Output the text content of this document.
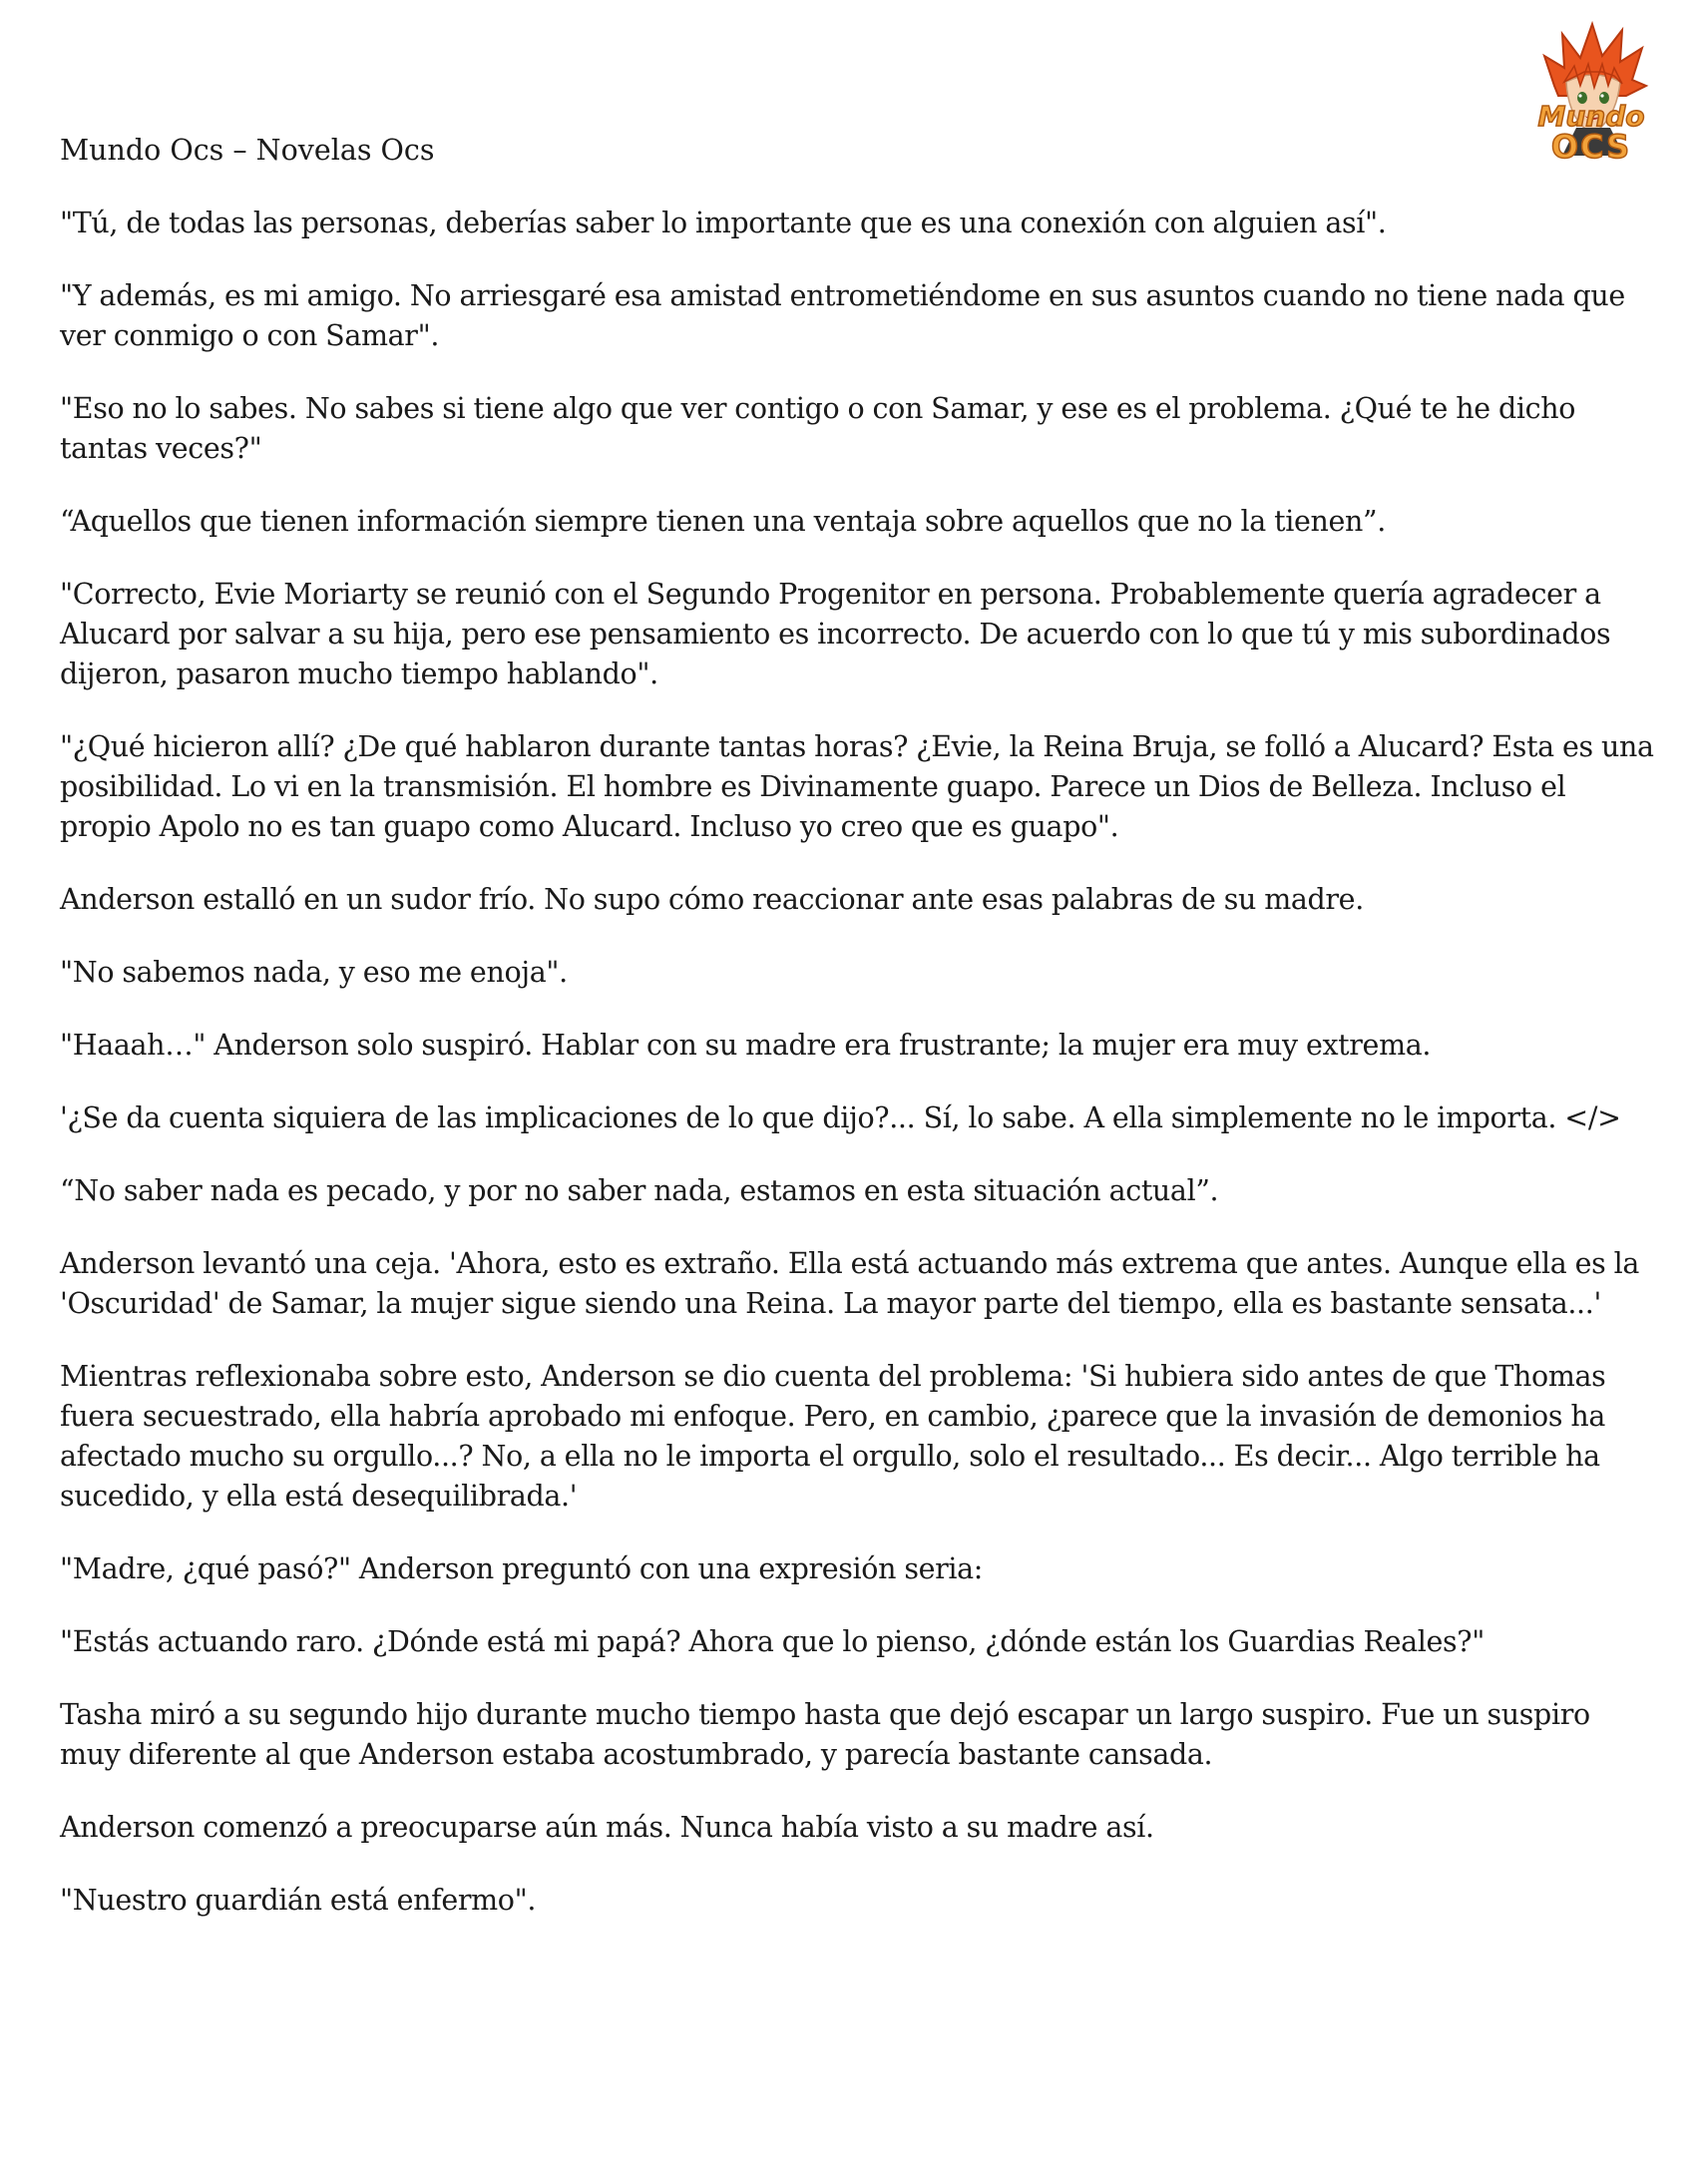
Mundo
OCS

Mundo Ocs – Novelas Ocs

"Tú, de todas las personas, deberías saber lo importante que es una conexión con alguien así".

"Y además, es mi amigo. No arriesgaré esa amistad entrometiéndome en sus asuntos cuando no tiene nada que ver conmigo o con Samar".

"Eso no lo sabes. No sabes si tiene algo que ver contigo o con Samar, y ese es el problema. ¿Qué te he dicho tantas veces?"

“Aquellos que tienen información siempre tienen una ventaja sobre aquellos que no la tienen”.

"Correcto, Evie Moriarty se reunió con el Segundo Progenitor en persona. Probablemente quería agradecer a Alucard por salvar a su hija, pero ese pensamiento es incorrecto. De acuerdo con lo que tú y mis subordinados dijeron, pasaron mucho tiempo hablando".

"¿Qué hicieron allí? ¿De qué hablaron durante tantas horas? ¿Evie, la Reina Bruja, se folló a Alucard? Esta es una posibilidad. Lo vi en la transmisión. El hombre es Divinamente guapo. Parece un Dios de Belleza. Incluso el propio Apolo no es tan guapo como Alucard. Incluso yo creo que es guapo".

Anderson estalló en un sudor frío. No supo cómo reaccionar ante esas palabras de su madre.

"No sabemos nada, y eso me enoja".

"Haaah…" Anderson solo suspiró. Hablar con su madre era frustrante; la mujer era muy extrema.

'¿Se da cuenta siquiera de las implicaciones de lo que dijo?... Sí, lo sabe. A ella simplemente no le importa. </>

“No saber nada es pecado, y por no saber nada, estamos en esta situación actual”.

Anderson levantó una ceja. 'Ahora, esto es extraño. Ella está actuando más extrema que antes. Aunque ella es la 'Oscuridad' de Samar, la mujer sigue siendo una Reina. La mayor parte del tiempo, ella es bastante sensata...'

Mientras reflexionaba sobre esto, Anderson se dio cuenta del problema: 'Si hubiera sido antes de que Thomas fuera secuestrado, ella habría aprobado mi enfoque. Pero, en cambio, ¿parece que la invasión de demonios ha afectado mucho su orgullo...? No, a ella no le importa el orgullo, solo el resultado... Es decir... Algo terrible ha sucedido, y ella está desequilibrada.'

"Madre, ¿qué pasó?" Anderson preguntó con una expresión seria:

"Estás actuando raro. ¿Dónde está mi papá? Ahora que lo pienso, ¿dónde están los Guardias Reales?"

Tasha miró a su segundo hijo durante mucho tiempo hasta que dejó escapar un largo suspiro. Fue un suspiro muy diferente al que Anderson estaba acostumbrado, y parecía bastante cansada.

Anderson comenzó a preocuparse aún más. Nunca había visto a su madre así.

"Nuestro guardián está enfermo".
